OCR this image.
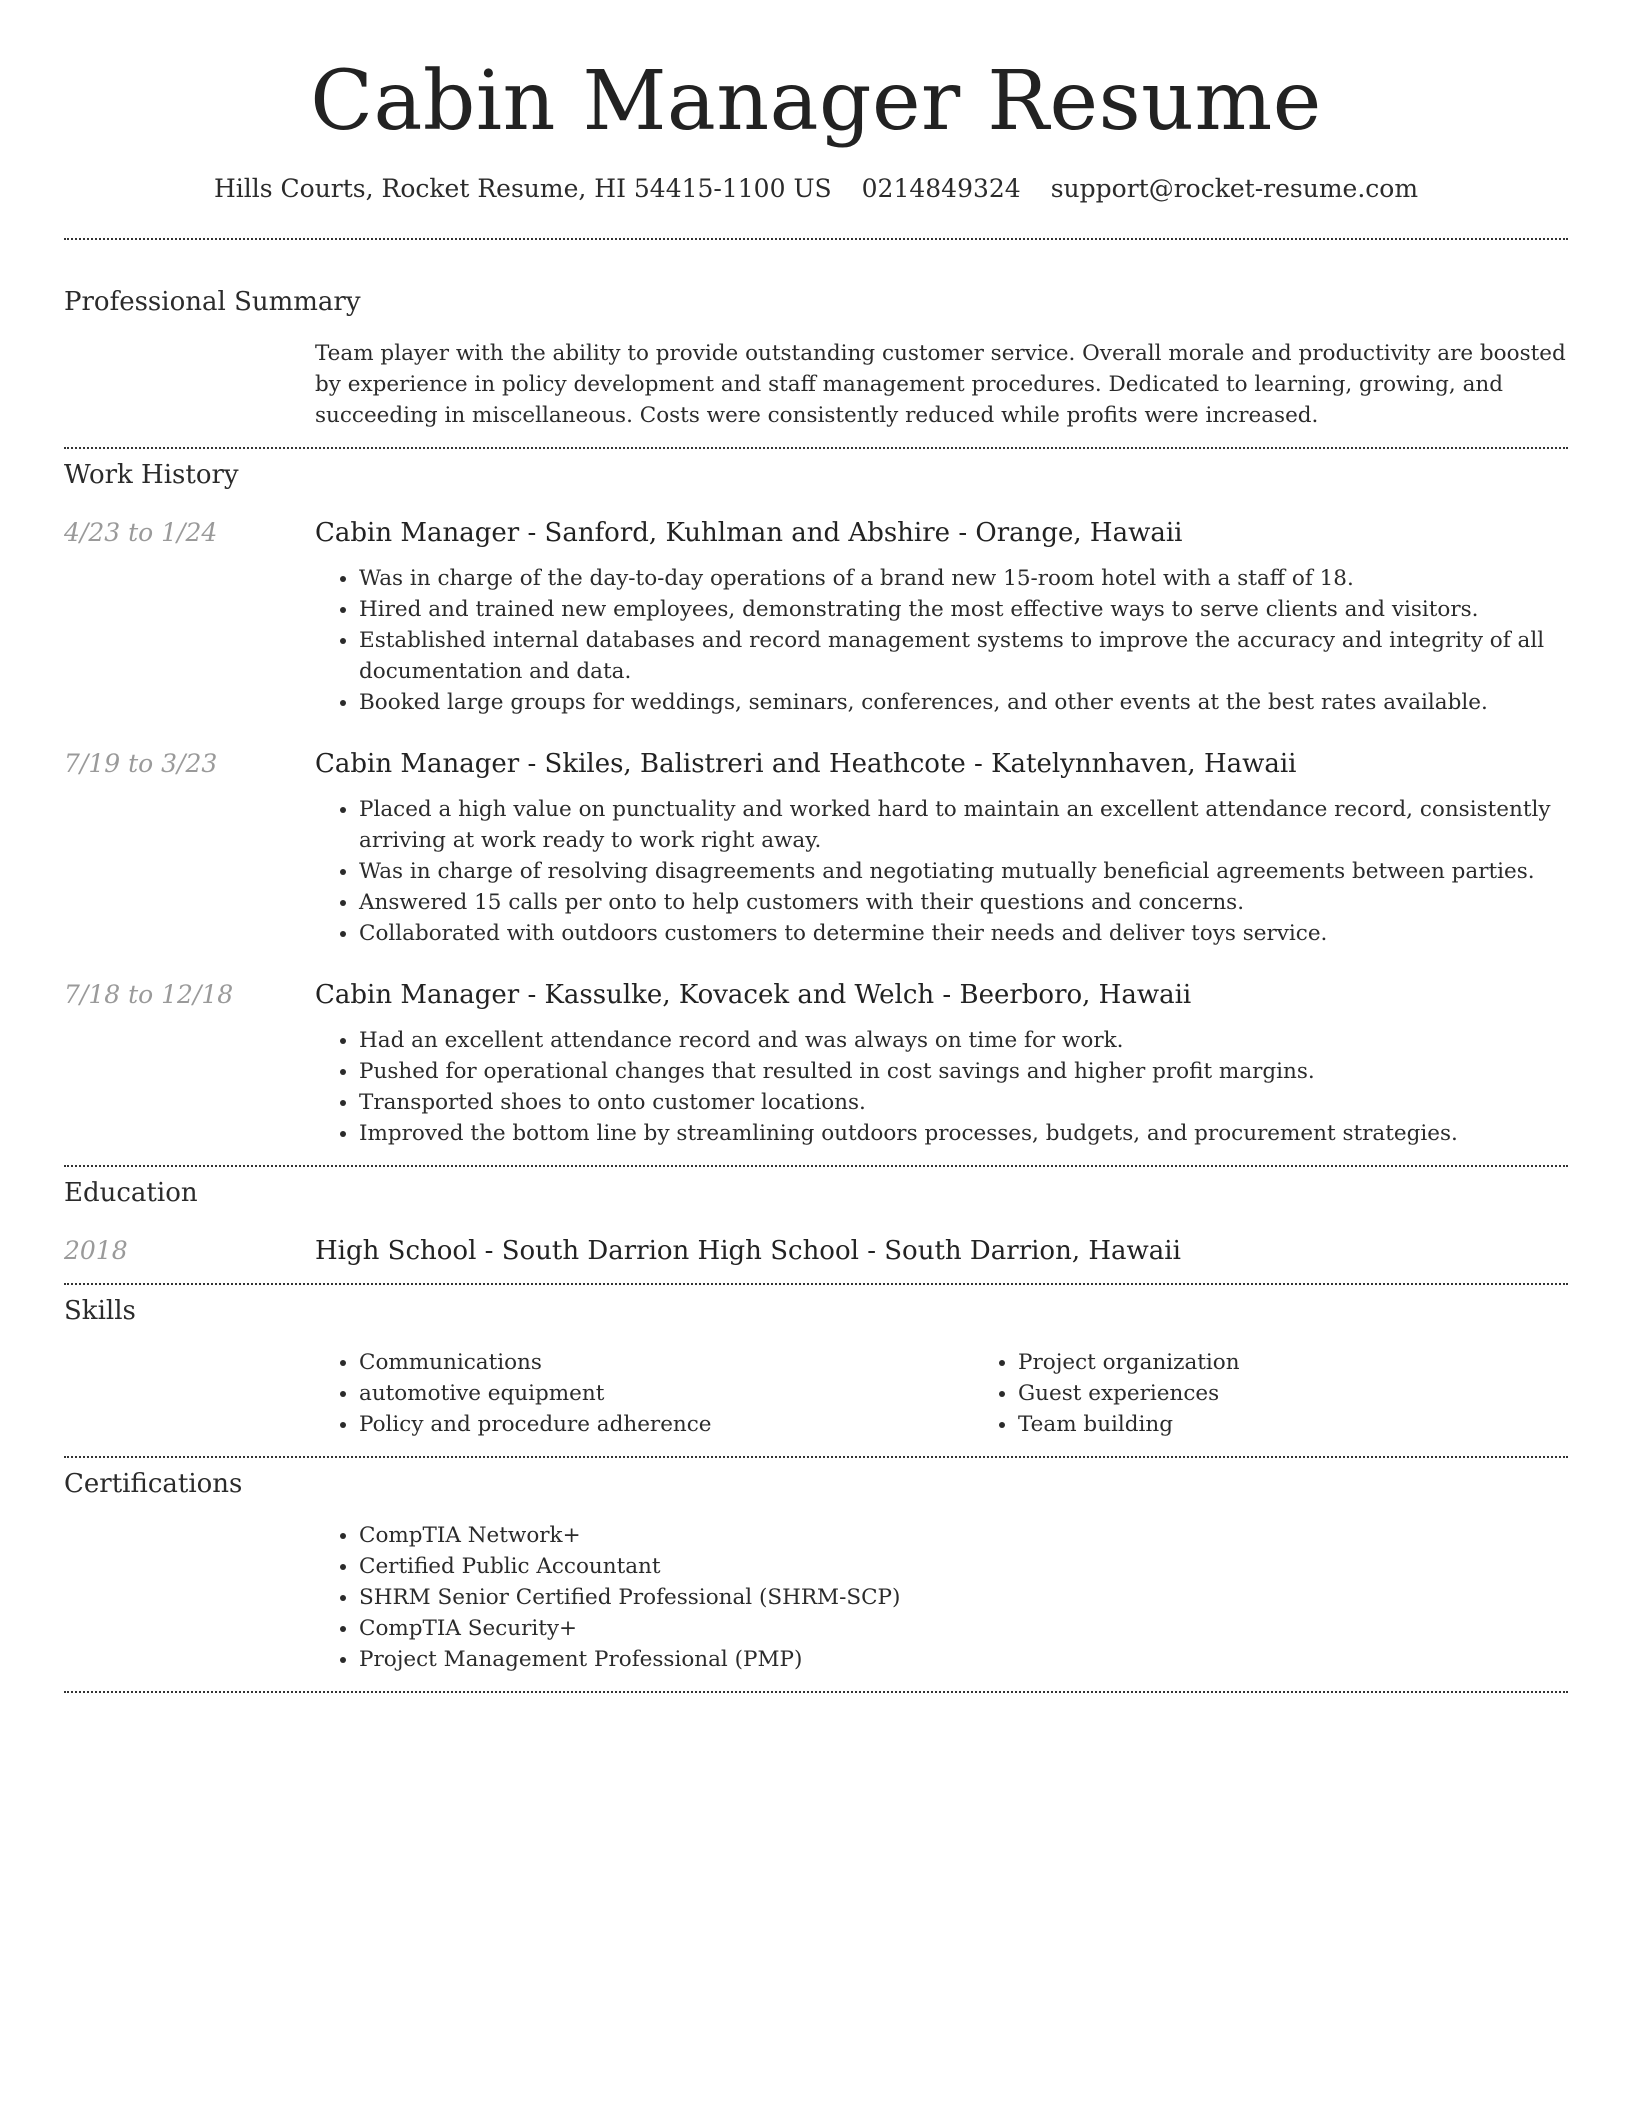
Cabin Manager Resume
Hills Courts, Rocket Resume, HI 54415-1100 US 0214849324 support@rocket-resume.com
Professional Summary
Team player with the ability to provide outstanding customer service. Overall morale and productivity are boosted by experience in policy development and staff management procedures. Dedicated to learning, growing, and succeeding in miscellaneous. Costs were consistently reduced while profits were increased.
Work History
4/23 to 1/24	Cabin Manager - Sanford, Kuhlman and Abshire - Orange, Hawaii
• Was in charge of the day-to-day operations of a brand new 15-room hotel with a staff of 18.
• Hired and trained new employees, demonstrating the most effective ways to serve clients and visitors.
• Established internal databases and record management systems to improve the accuracy and integrity of all documentation and data.
• Booked large groups for weddings, seminars, conferences, and other events at the best rates available.
7/19 to 3/23	Cabin Manager - Skiles, Balistreri and Heathcote - Katelynnhaven, Hawaii
• Placed a high value on punctuality and worked hard to maintain an excellent attendance record, consistently arriving at work ready to work right away.
• Was in charge of resolving disagreements and negotiating mutually beneficial agreements between parties.
• Answered 15 calls per onto to help customers with their questions and concerns.
• Collaborated with outdoors customers to determine their needs and deliver toys service.
7/18 to 12/18	Cabin Manager - Kassulke, Kovacek and Welch - Beerboro, Hawaii
• Had an excellent attendance record and was always on time for work.
• Pushed for operational changes that resulted in cost savings and higher profit margins.
• Transported shoes to onto customer locations.
• Improved the bottom line by streamlining outdoors processes, budgets, and procurement strategies.
Education
2018	High School - South Darrion High School - South Darrion, Hawaii
Skills
• Communications
• automotive equipment
• Policy and procedure adherence
• Project organization
• Guest experiences
• Team building
Certifications
• CompTIA Network+
• Certified Public Accountant
• SHRM Senior Certified Professional (SHRM-SCP)
• CompTIA Security+
• Project Management Professional (PMP)
